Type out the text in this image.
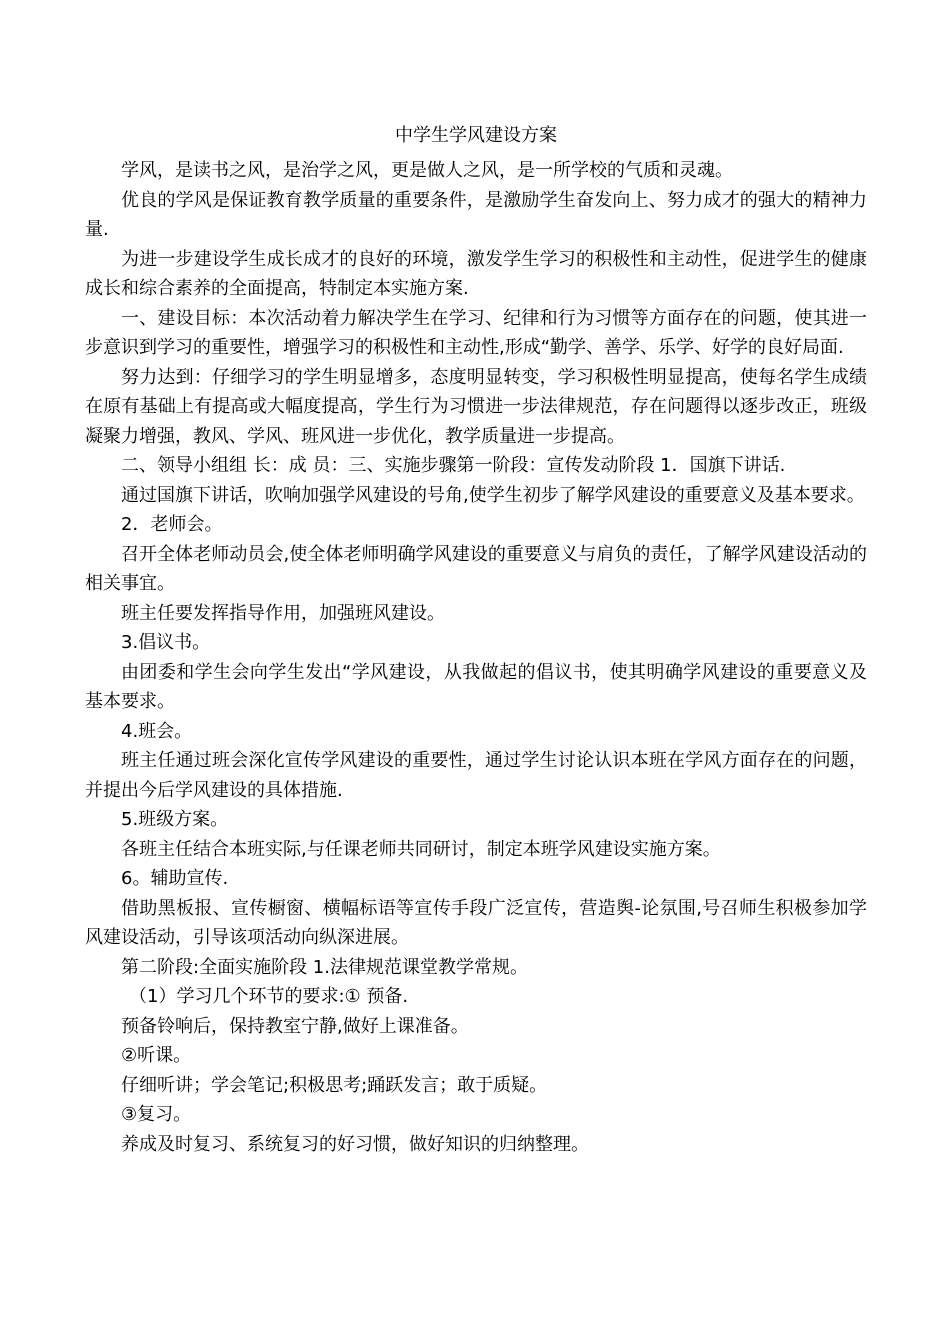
中学生学风建设方案

学风，是读书之风，是治学之风，更是做人之风，是一所学校的气质和灵魂。

优良的学风是保证教育教学质量的重要条件，是激励学生奋发向上、努力成才的强大的精神力量.

为进一步建设学生成长成才的良好的环境，激发学生学习的积极性和主动性，促进学生的健康成长和综合素养的全面提高，特制定本实施方案.

一、建设目标：本次活动着力解决学生在学习、纪律和行为习惯等方面存在的问题，使其进一步意识到学习的重要性，增强学习的积极性和主动性,形成“勤学、善学、乐学、好学的良好局面.

努力达到：仔细学习的学生明显增多，态度明显转变，学习积极性明显提高，使每名学生成绩在原有基础上有提高或大幅度提高，学生行为习惯进一步法律规范，存在问题得以逐步改正，班级凝聚力增强，教风、学风、班风进一步优化，教学质量进一步提高。

二、领导小组组 长：成 员：三、实施步骤第一阶段：宣传发动阶段 1．国旗下讲话.

通过国旗下讲话，吹响加强学风建设的号角,使学生初步了解学风建设的重要意义及基本要求。

2．老师会。

召开全体老师动员会,使全体老师明确学风建设的重要意义与肩负的责任，了解学风建设活动的相关事宜。

班主任要发挥指导作用，加强班风建设。

3.倡议书。

由团委和学生会向学生发出“学风建设，从我做起的倡议书，使其明确学风建设的重要意义及基本要求。

4.班会。

班主任通过班会深化宣传学风建设的重要性，通过学生讨论认识本班在学风方面存在的问题，并提出今后学风建设的具体措施.

5.班级方案。

各班主任结合本班实际,与任课老师共同研讨，制定本班学风建设实施方案。

6。辅助宣传.

借助黑板报、宣传橱窗、横幅标语等宣传手段广泛宣传，营造舆-论氛围,号召师生积极参加学风建设活动，引导该项活动向纵深进展。

第二阶段:全面实施阶段 1.法律规范课堂教学常规。

（1）学习几个环节的要求:① 预备.

预备铃响后，保持教室宁静,做好上课准备。

②听课。

仔细听讲；学会笔记;积极思考;踊跃发言；敢于质疑。

③复习。

养成及时复习、系统复习的好习惯，做好知识的归纳整理。
